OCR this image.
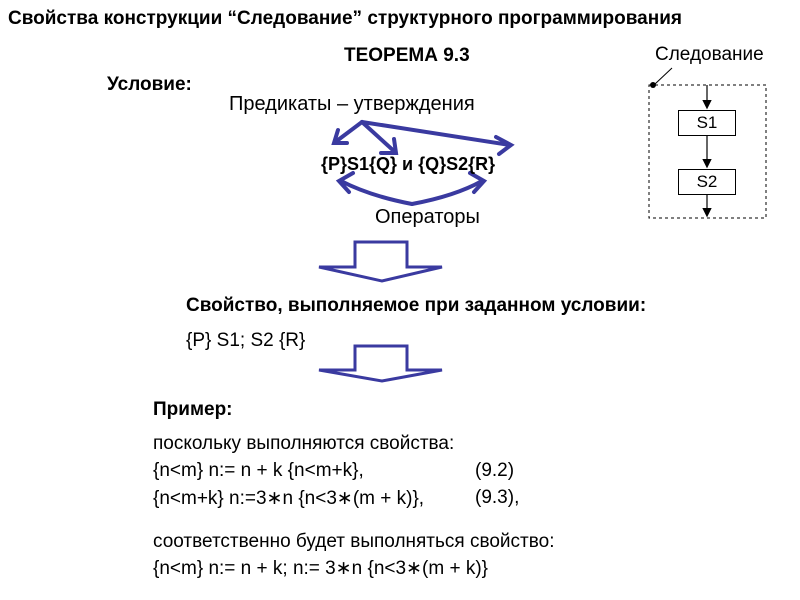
Свойства конструкции “Следование” структурного программирования
ТЕОРЕМА 9.3
Условие:
Предикаты – утверждения
{P}S1{Q} и {Q}S2{R}
Операторы
Свойство, выполняемое при заданном условии:
{P} S1; S2 {R}
Пример:
поскольку выполняются свойства:
{n<m} n:= n + k {n<m+k},	(9.2)
{n<m+k} n:=3∗n {n<3∗(m + k)},	(9.3),
соответственно будет выполняться свойство:
{n<m} n:= n + k; n:= 3∗n {n<3∗(m + k)}
Следование
S1
S2
